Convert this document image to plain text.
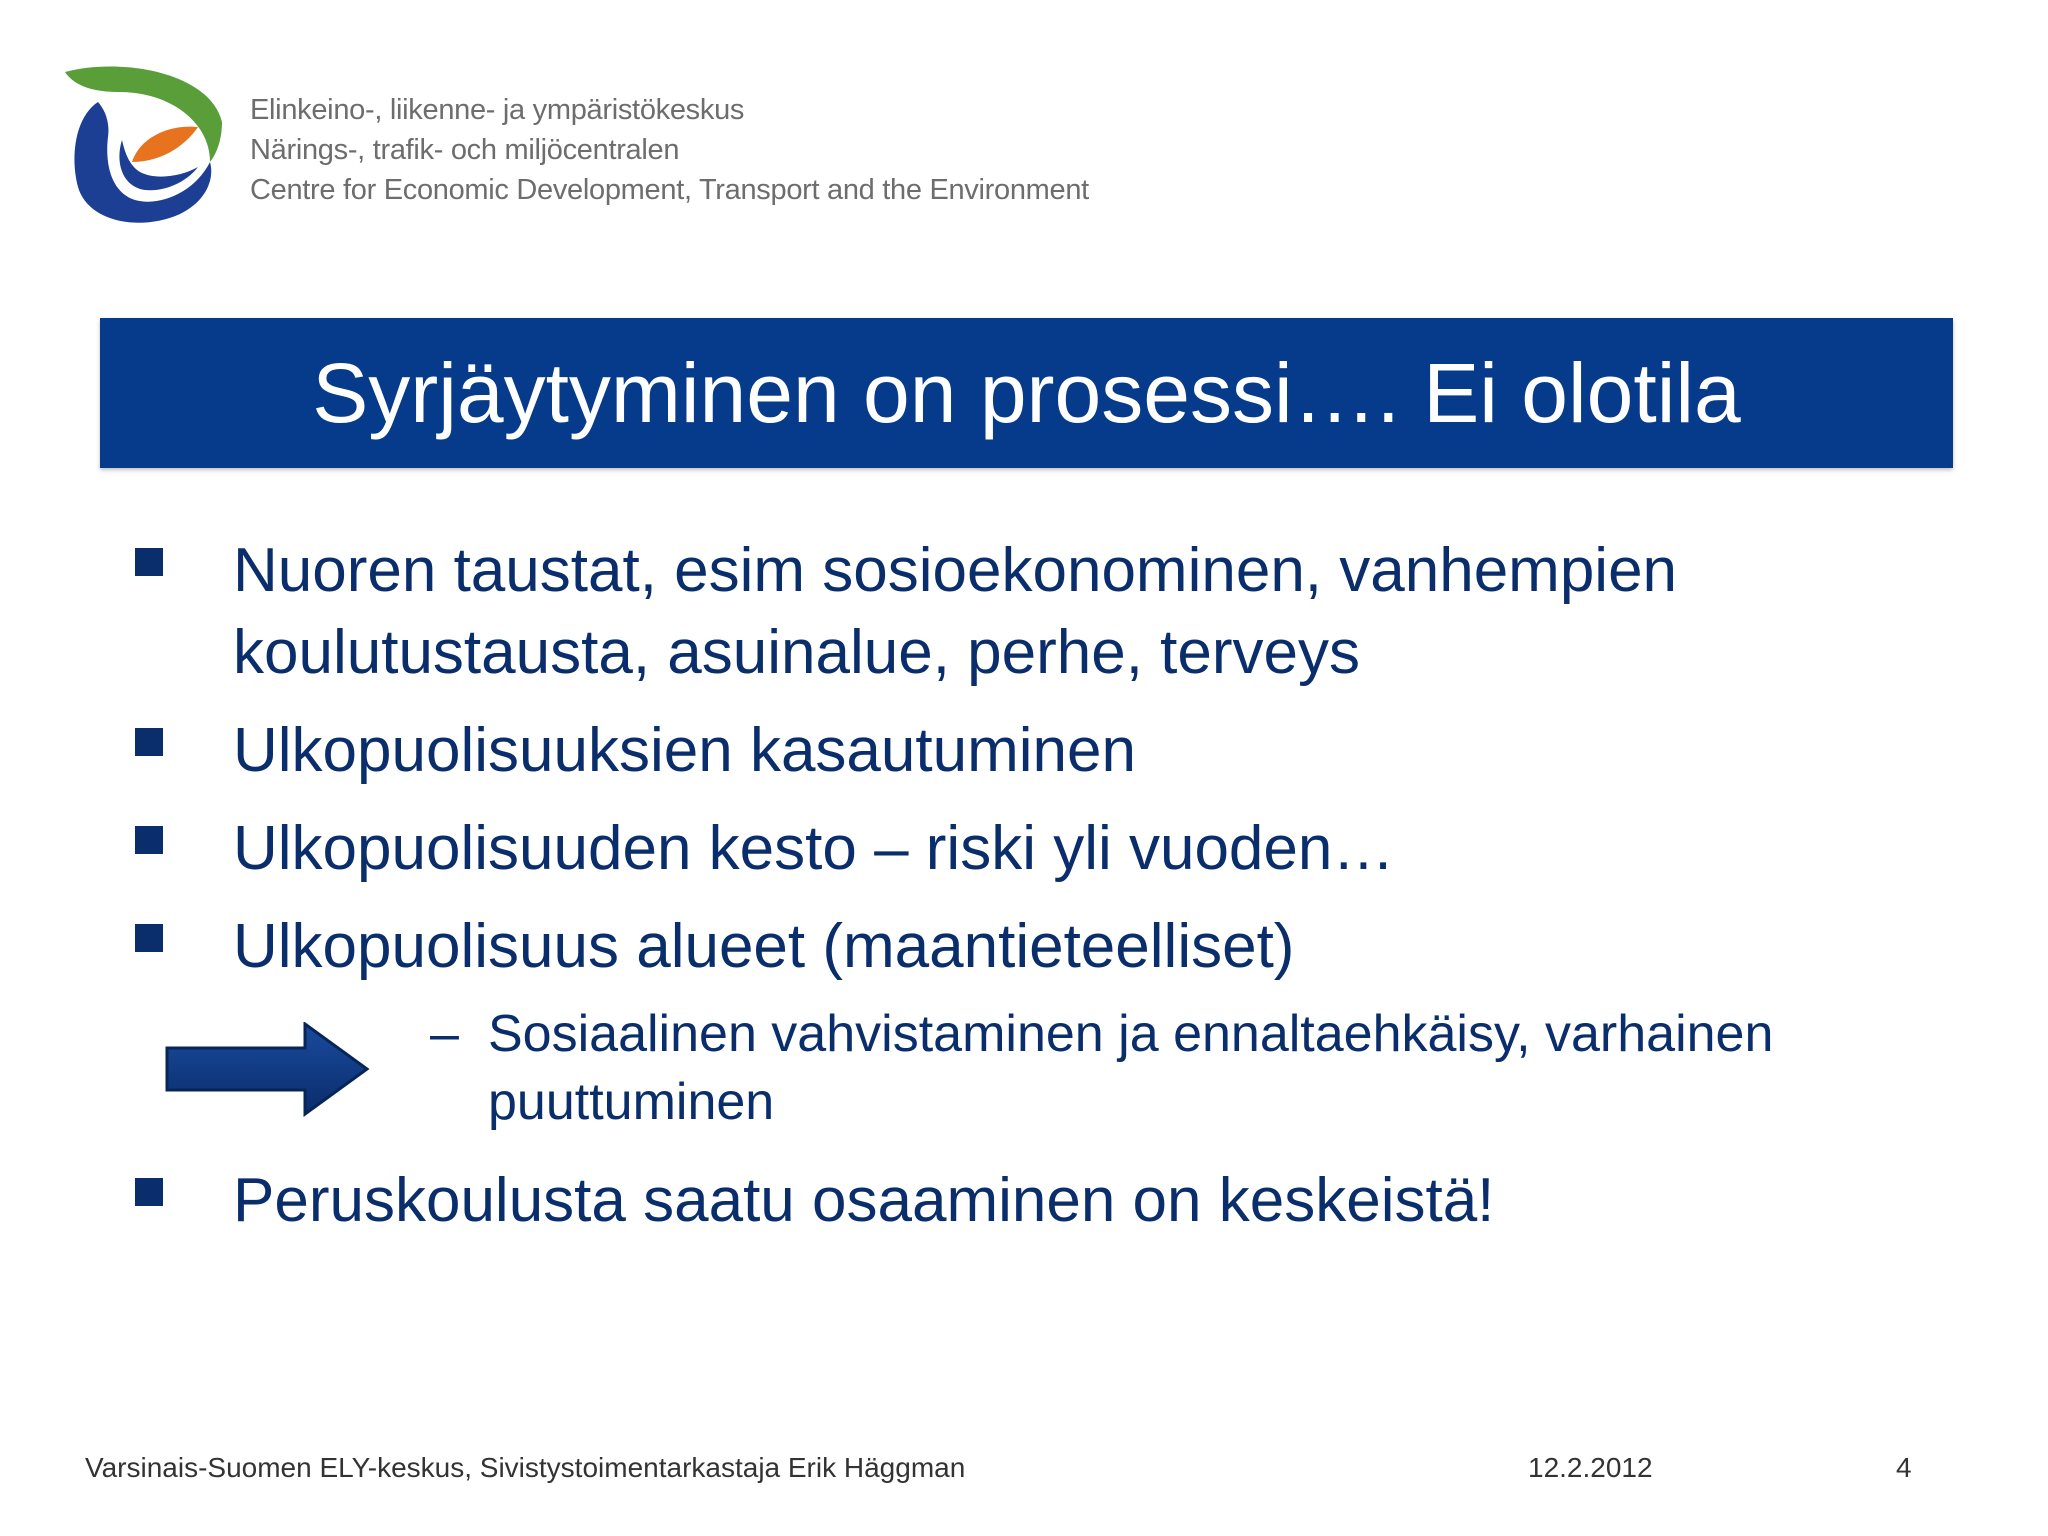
Elinkeino-, liikenne- ja ympäristökeskus
Närings-, trafik- och miljöcentralen
Centre for Economic Development, Transport and the Environment
Syrjäytyminen on prosessi…. Ei olotila
Nuoren taustat, esim sosioekonominen, vanhempien koulutustausta, asuinalue, perhe, terveys
Ulkopuolisuuksien kasautuminen
Ulkopuolisuuden kesto – riski yli vuoden…
Ulkopuolisuus alueet (maantieteelliset)
Peruskoulusta saatu osaaminen on keskeistä!
– Sosiaalinen vahvistaminen ja ennaltaehkäisy, varhainen puuttuminen
Varsinais-Suomen ELY-keskus, Sivistystoimentarkastaja Erik Häggman	12.2.2012	4
